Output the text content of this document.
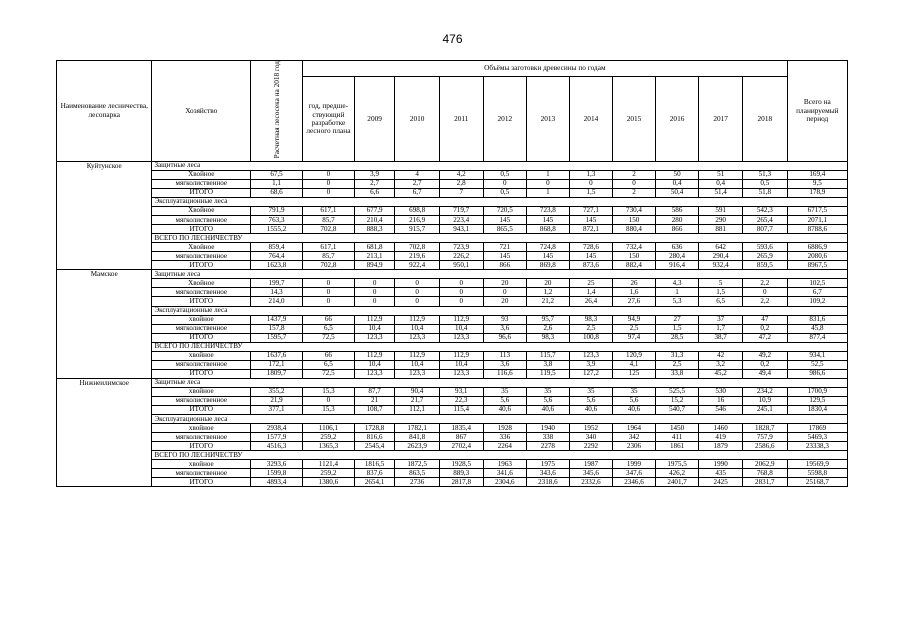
476
Наименование лесничества, лесопарка	Хозяйство	Расчетная лесосека на 2018 год	Объёмы заготовки древесины по годам											Всего на планируемый период
			год, предше-ствующий разработке лесного плана	2009	2010	2011	2012	2013	2014	2015	2016	2017	2018	
Куйтунское	Защитные леса													
	Хвойное	67,5	0	3,9	4	4,2	0,5	1	1,3	2	50	51	51,3	169,4
	мягколиственное	1,1	0	2,7	2,7	2,8	0	0	0	0	0,4	0,4	0,5	9,5
	ИТОГО	68,6	0	6,6	6,7	7	0,5	1	1,5	2	50,4	51,4	51,8	178,9
	Эксплуатационные леса													
	Хвойное	791,9	617,1	677,9	698,8	719,7	720,5	723,8	727,1	730,4	586	591	542,3	6717,5
	мягколиственное	763,3	85,7	210,4	216,9	223,4	145	145	145	150	280	290	265,4	2071,1
	ИТОГО	1555,2	702,8	888,3	915,7	943,1	865,5	868,8	872,1	880,4	866	881	807,7	8788,6
	ВСЕГО ПО ЛЕСНИЧЕСТВУ													
	Хвойное	859,4	617,1	681,8	702,8	723,9	721	724,8	728,6	732,4	636	642	593,6	6886,9
	мягколиственное	764,4	85,7	213,1	219,6	226,2	145	145	145	150	280,4	290,4	265,9	2080,6
	ИТОГО	1623,8	702,8	894,9	922,4	950,1	866	869,8	873,6	882,4	916,4	932,4	859,5	8967,5
Мамское	Защитные леса													
	Хвойное	199,7	0	0	0	0	20	20	25	26	4,3	5	2,2	102,5
	мягколиственное	14,3	0	0	0	0	0	1,2	1,4	1,6	1	1,5	0	6,7
	ИТОГО	214,0	0	0	0	0	20	21,2	26,4	27,6	5,3	6,5	2,2	109,2
	Эксплуатационные леса													
	хвойное	1437,9	66	112,9	112,9	112,9	93	95,7	98,3	94,9	27	37	47	831,6
	мягколиственное	157,8	6,5	10,4	10,4	10,4	3,6	2,6	2,5	2,5	1,5	1,7	0,2	45,8
	ИТОГО	1595,7	72,5	123,3	123,3	123,3	96,6	98,3	100,8	97,4	28,5	38,7	47,2	877,4
	ВСЕГО ПО ЛЕСНИЧЕСТВУ													
	хвойное	1637,6	66	112,9	112,9	112,9	113	115,7	123,3	120,9	31,3	42	49,2	934,1
	мягколиственное	172,1	6,5	10,4	10,4	10,4	3,6	3,8	3,9	4,1	2,5	3,2	0,2	52,5
	ИТОГО	1809,7	72,5	123,3	123,3	123,3	116,6	119,5	127,2	125	33,8	45,2	49,4	986,6
Нижнеилимское	Защитные леса													
	хвойное	355,2	15,3	87,7	90,4	93,1	35	35	35	35	525,5	530	234,2	1700,9
	мягколиственное	21,9	0	21	21,7	22,3	5,6	5,6	5,6	5,6	15,2	16	10,9	129,5
	ИТОГО	377,1	15,3	108,7	112,1	115,4	40,6	40,6	40,6	40,6	540,7	546	245,1	1830,4
	Эксплуатационные леса													
	хвойное	2938,4	1106,1	1728,8	1782,1	1835,4	1928	1940	1952	1964	1450	1460	1828,7	17869
	мягколиственное	1577,9	259,2	816,6	841,8	867	336	338	340	342	411	419	757,9	5469,3
	ИТОГО	4516,3	1365,3	2545,4	2623,9	2702,4	2264	2278	2292	2306	1861	1879	2586,6	23338,3
	ВСЕГО ПО ЛЕСНИЧЕСТВУ													
	хвойное	3293,6	1121,4	1816,5	1872,5	1928,5	1963	1975	1987	1999	1975,5	1990	2062,9	19569,9
	мягколиственное	1599,8	259,2	837,6	863,5	889,3	341,6	343,6	345,6	347,6	426,2	435	768,8	5598,8
	ИТОГО	4893,4	1380,6	2654,1	2736	2817,8	2304,6	2318,6	2332,6	2346,6	2401,7	2425	2831,7	25168,7
